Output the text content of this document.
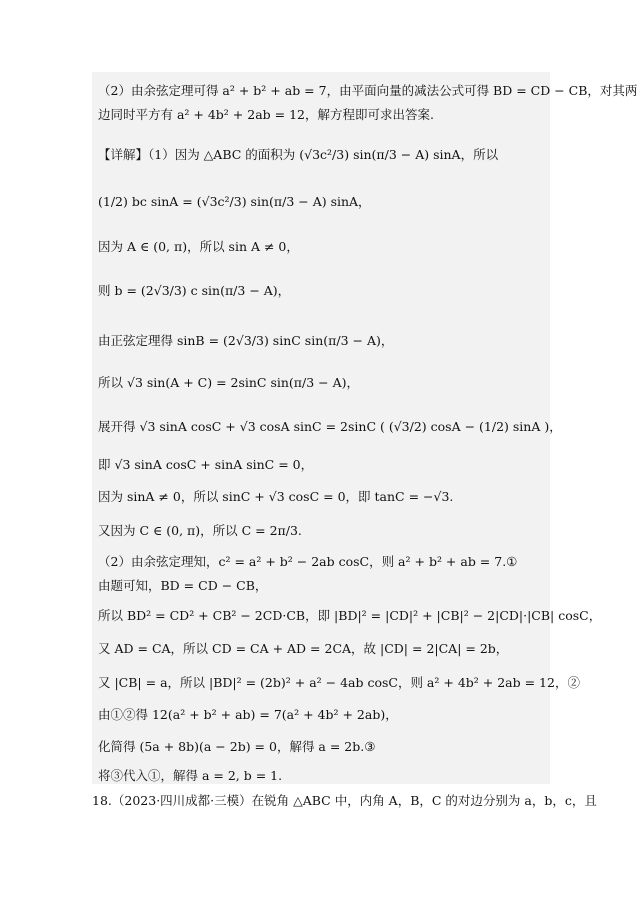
（2）由余弦定理可得 a² + b² + ab = 7，由平面向量的减法公式可得 BD = CD − CB，对其两
边同时平方有 a² + 4b² + 2ab = 12，解方程即可求出答案.
【详解】（1）因为 △ABC 的面积为 (√3c²/3) sin(π/3 − A) sinA，所以
(1/2) bc sinA = (√3c²/3) sin(π/3 − A) sinA，
因为 A ∈ (0, π)，所以 sin A ≠ 0，
则 b = (2√3/3) c sin(π/3 − A)，
由正弦定理得 sinB = (2√3/3) sinC sin(π/3 − A)，
所以 √3 sin(A + C) = 2sinC sin(π/3 − A)，
展开得 √3 sinA cosC + √3 cosA sinC = 2sinC ( (√3/2) cosA − (1/2) sinA )，
即 √3 sinA cosC + sinA sinC = 0，
因为 sinA ≠ 0，所以 sinC + √3 cosC = 0，即 tanC = −√3.
又因为 C ∈ (0, π)，所以 C = 2π/3.
（2）由余弦定理知，c² = a² + b² − 2ab cosC，则 a² + b² + ab = 7.①
由题可知，BD = CD − CB，
所以 BD² = CD² + CB² − 2CD·CB，即 |BD|² = |CD|² + |CB|² − 2|CD|·|CB| cosC，
又 AD = CA，所以 CD = CA + AD = 2CA，故 |CD| = 2|CA| = 2b，
又 |CB| = a，所以 |BD|² = (2b)² + a² − 4ab cosC，则 a² + 4b² + 2ab = 12，②
由①②得 12(a² + b² + ab) = 7(a² + 4b² + 2ab)，
化简得 (5a + 8b)(a − 2b) = 0，解得 a = 2b.③
将③代入①，解得 a = 2, b = 1.
18.（2023·四川成都·三模）在锐角 △ABC 中，内角 A，B，C 的对边分别为 a，b，c，且
